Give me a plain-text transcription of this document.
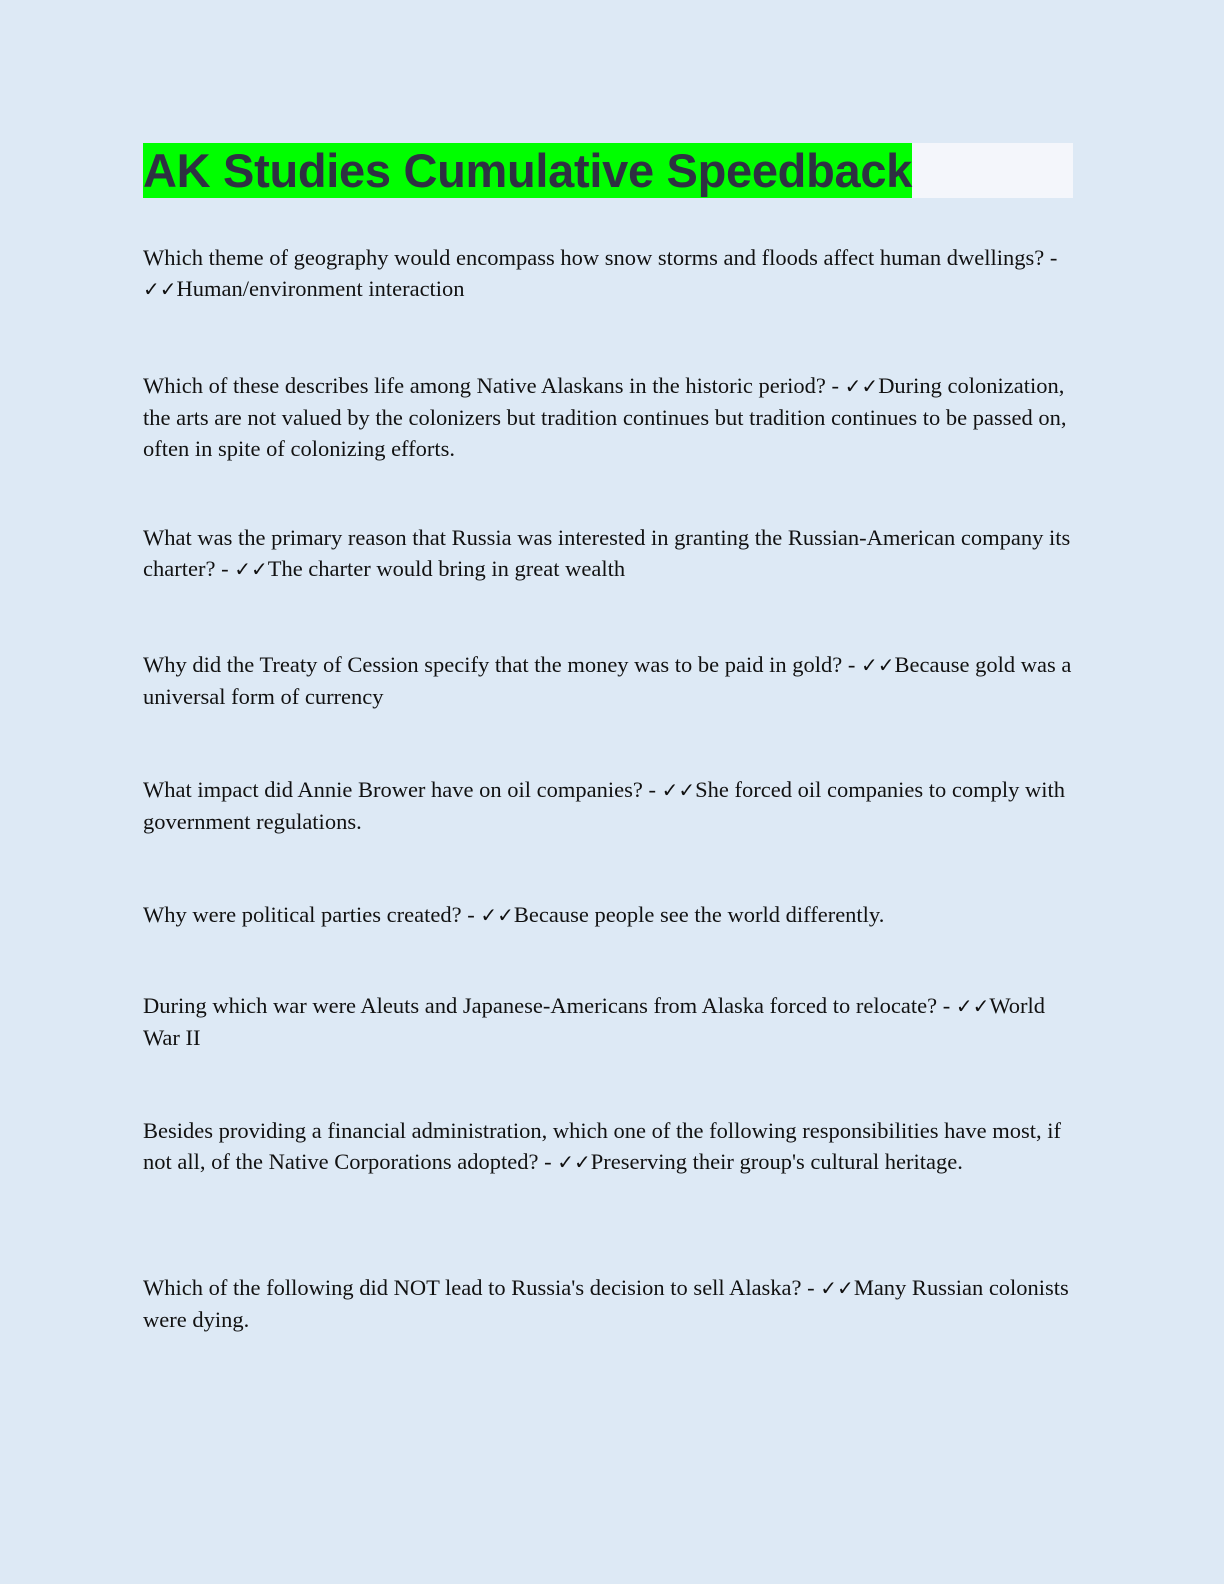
AK Studies Cumulative Speedback
Which theme of geography would encompass how snow storms and floods affect human dwellings? - ✓✓Human/environment interaction
Which of these describes life among Native Alaskans in the historic period? - ✓✓During colonization, the arts are not valued by the colonizers but tradition continues but tradition continues to be passed on, often in spite of colonizing efforts.
What was the primary reason that Russia was interested in granting the Russian-American company its charter? - ✓✓The charter would bring in great wealth
Why did the Treaty of Cession specify that the money was to be paid in gold? - ✓✓Because gold was a universal form of currency
What impact did Annie Brower have on oil companies? - ✓✓She forced oil companies to comply with government regulations.
Why were political parties created? - ✓✓Because people see the world differently.
During which war were Aleuts and Japanese-Americans from Alaska forced to relocate? - ✓✓World War II
Besides providing a financial administration, which one of the following responsibilities have most, if not all, of the Native Corporations adopted? - ✓✓Preserving their group's cultural heritage.
Which of the following did NOT lead to Russia's decision to sell Alaska? - ✓✓Many Russian colonists were dying.
